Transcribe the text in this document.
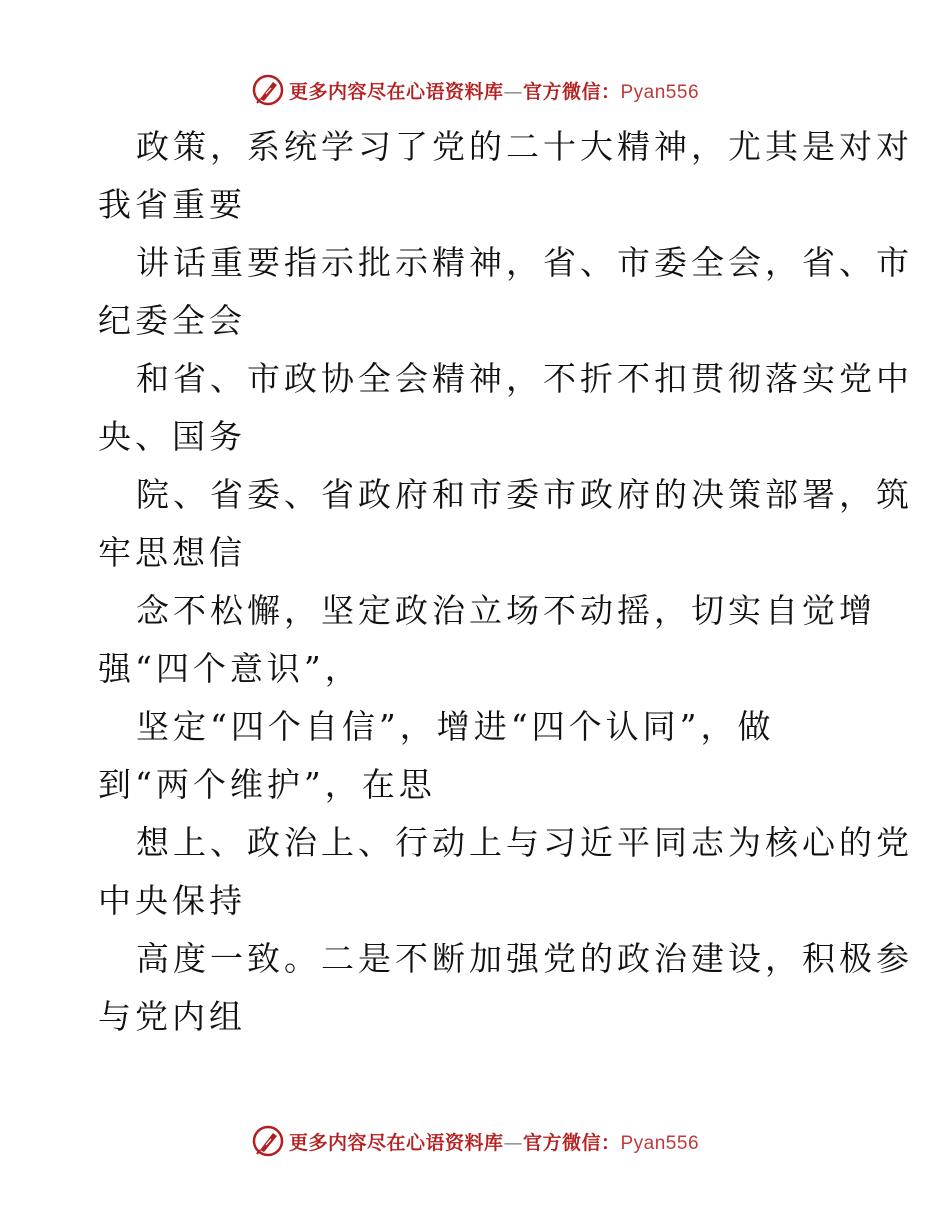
更多内容尽在心语资料库—官方微信：Pyan556
政策，系统学习了党的二十大精神，尤其是对对
我省重要
讲话重要指示批示精神，省、市委全会，省、市
纪委全会
和省、市政协全会精神，不折不扣贯彻落实党中
央、国务
院、省委、省政府和市委市政府的决策部署，筑
牢思想信
念不松懈，坚定政治立场不动摇，切实自觉增
强“四个意识”，
坚定“四个自信”，增进“四个认同”，做
到“两个维护”，在思
想上、政治上、行动上与习近平同志为核心的党
中央保持
高度一致。二是不断加强党的政治建设，积极参
与党内组
更多内容尽在心语资料库—官方微信：Pyan556
